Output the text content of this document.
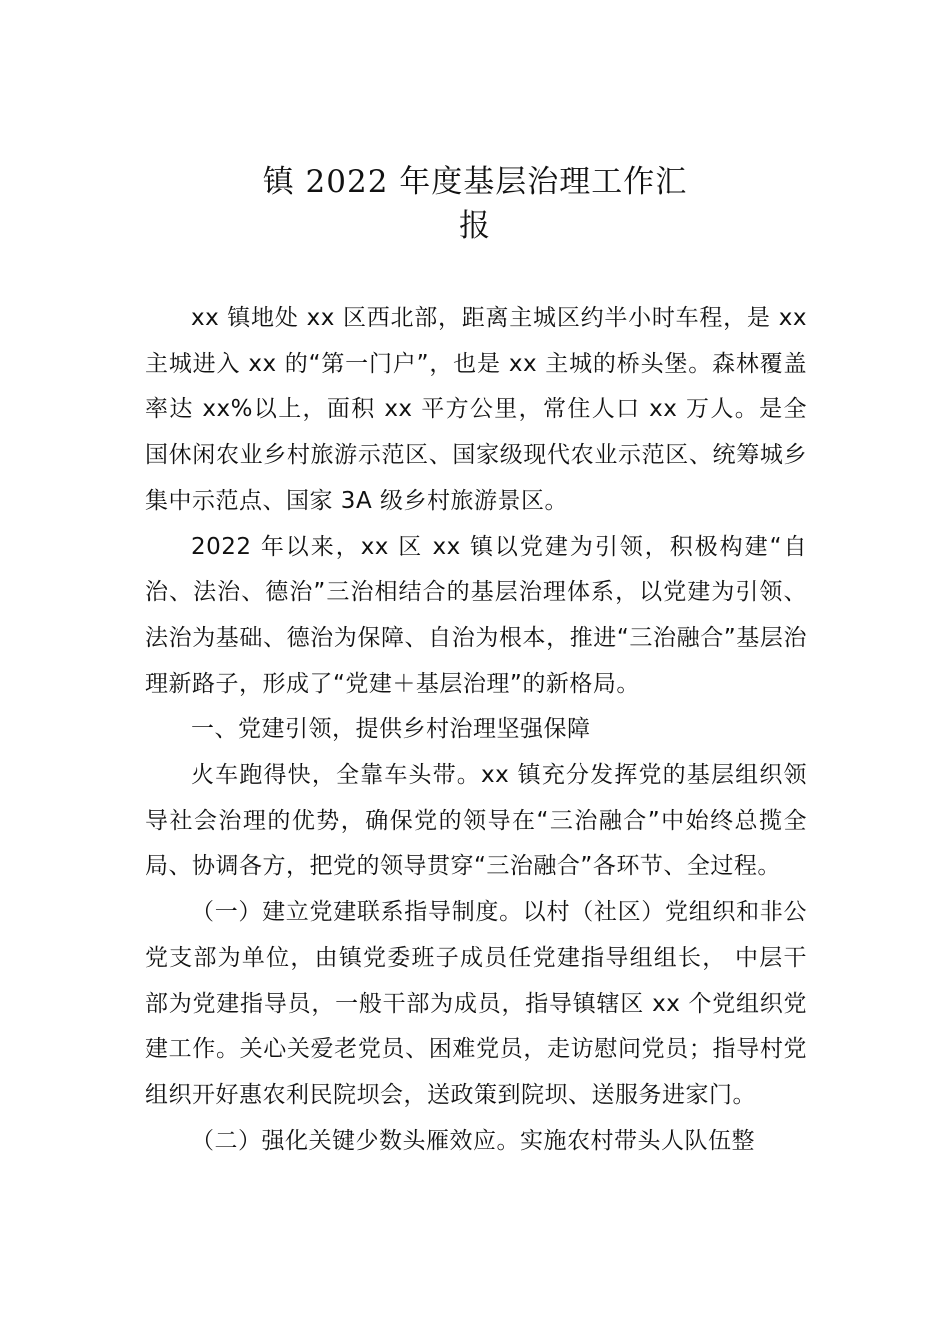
镇 2022 年度基层治理工作汇
报

xx 镇地处 xx 区西北部，距离主城区约半小时车程，是 xx 主城进入 xx 的“第一门户”，也是 xx 主城的桥头堡。森林覆盖率达 xx%以上，面积 xx 平方公里，常住人口 xx 万人。是全国休闲农业乡村旅游示范区、国家级现代农业示范区、统筹城乡集中示范点、国家 3A 级乡村旅游景区。

2022 年以来，xx 区 xx 镇以党建为引领，积极构建“自治、法治、德治”三治相结合的基层治理体系，以党建为引领、法治为基础、德治为保障、自治为根本，推进“三治融合”基层治理新路子，形成了“党建＋基层治理”的新格局。

一、党建引领，提供乡村治理坚强保障

火车跑得快，全靠车头带。xx 镇充分发挥党的基层组织领导社会治理的优势，确保党的领导在“三治融合”中始终总揽全局、协调各方，把党的领导贯穿“三治融合”各环节、全过程。

（一）建立党建联系指导制度。以村（社区）党组织和非公党支部为单位，由镇党委班子成员任党建指导组组长， 中层干部为党建指导员，一般干部为成员，指导镇辖区 xx 个党组织党建工作。关心关爱老党员、困难党员，走访慰问党员；指导村党组织开好惠农利民院坝会，送政策到院坝、送服务进家门。

（二）强化关键少数头雁效应。实施农村带头人队伍整
